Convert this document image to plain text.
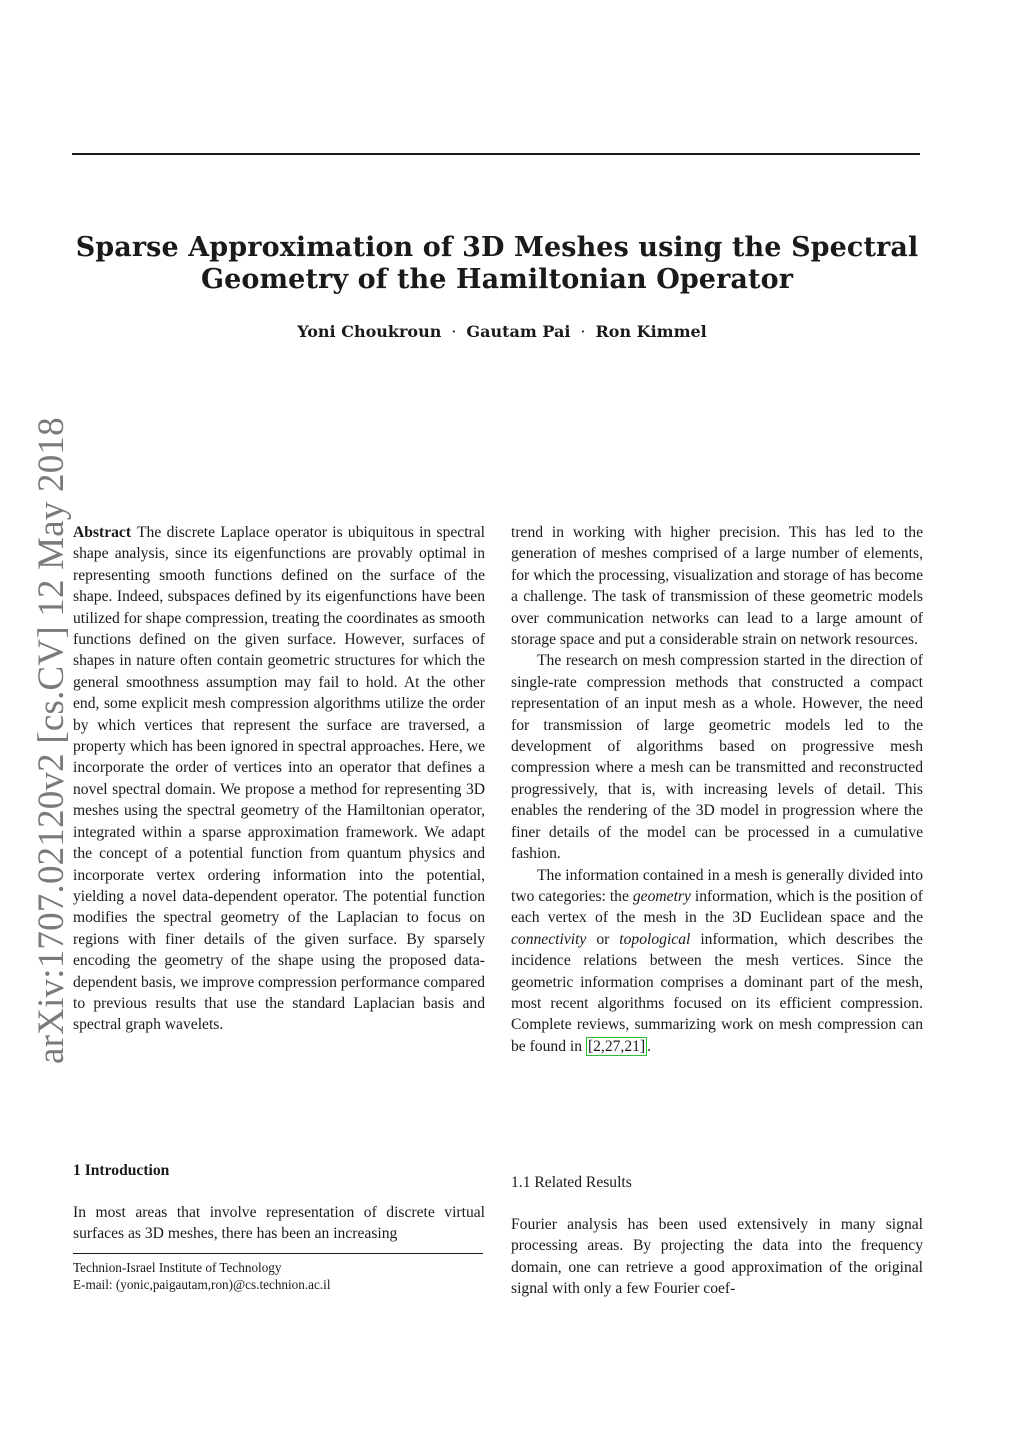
Sparse Approximation of 3D Meshes using the Spectral
Geometry of the Hamiltonian Operator
Yoni Choukroun · Gautam Pai · Ron Kimmel
arXiv:1707.02120v2 [cs.CV] 12 May 2018 Abstract The discrete Laplace operator is ubiquitous in spectral shape analysis, since its eigenfunctions are provably optimal in representing smooth functions defined on the surface of the shape. Indeed, subspaces defined by its eigenfunctions have been utilized for shape compression, treating the coordinates as smooth functions defined on the given surface. However, surfaces of shapes in nature often contain geometric structures for which the general smoothness assumption may fail to hold. At the other end, some explicit mesh compression algorithms utilize the order by which vertices that represent the surface are traversed, a property which has been ignored in spectral approaches. Here, we incorporate the order of vertices into an operator that defines a novel spectral domain. We propose a method for representing 3D meshes using the spectral geometry of the Hamiltonian operator, integrated within a sparse approximation framework. We adapt the concept of a potential function from quantum physics and incorporate vertex ordering information into the potential, yielding a novel data-dependent operator. The potential function modifies the spectral geometry of the Laplacian to focus on regions with finer details of the given surface. By sparsely encoding the geometry of the shape using the proposed data-dependent basis, we improve compression performance compared to previous results that use the standard Laplacian basis and spectral graph wavelets.

trend in working with higher precision. This has led to the generation of meshes comprised of a large number of elements, for which the processing, visualization and storage of has become a challenge. The task of transmission of these geometric models over communication networks can lead to a large amount of storage space and put a considerable strain on network resources.

The research on mesh compression started in the direction of single-rate compression methods that constructed a compact representation of an input mesh as a whole. However, the need for transmission of large geometric models led to the development of algorithms based on progressive mesh compression where a mesh can be transmitted and reconstructed progressively, that is, with increasing levels of detail. This enables the rendering of the 3D model in progression where the finer details of the model can be processed in a cumulative fashion.

The information contained in a mesh is generally divided into two categories: the geometry information, which is the position of each vertex of the mesh in the 3D Euclidean space and the connectivity or topological information, which describes the incidence relations between the mesh vertices. Since the geometric information comprises a dominant part of the mesh, most recent algorithms focused on its efficient compression. Complete reviews, summarizing work on mesh compression can be found in [2,27,21] .

1 Introduction

In most areas that involve representation of discrete virtual surfaces as 3D meshes, there has been an increasing

Technion-Israel Institute of Technology
E-mail: (yonic,paigautam,ron)@cs.technion.ac.il
1.1 Related Results

Fourier analysis has been used extensively in many signal processing areas. By projecting the data into the frequency domain, one can retrieve a good approximation of the original signal with only a few Fourier coef-
